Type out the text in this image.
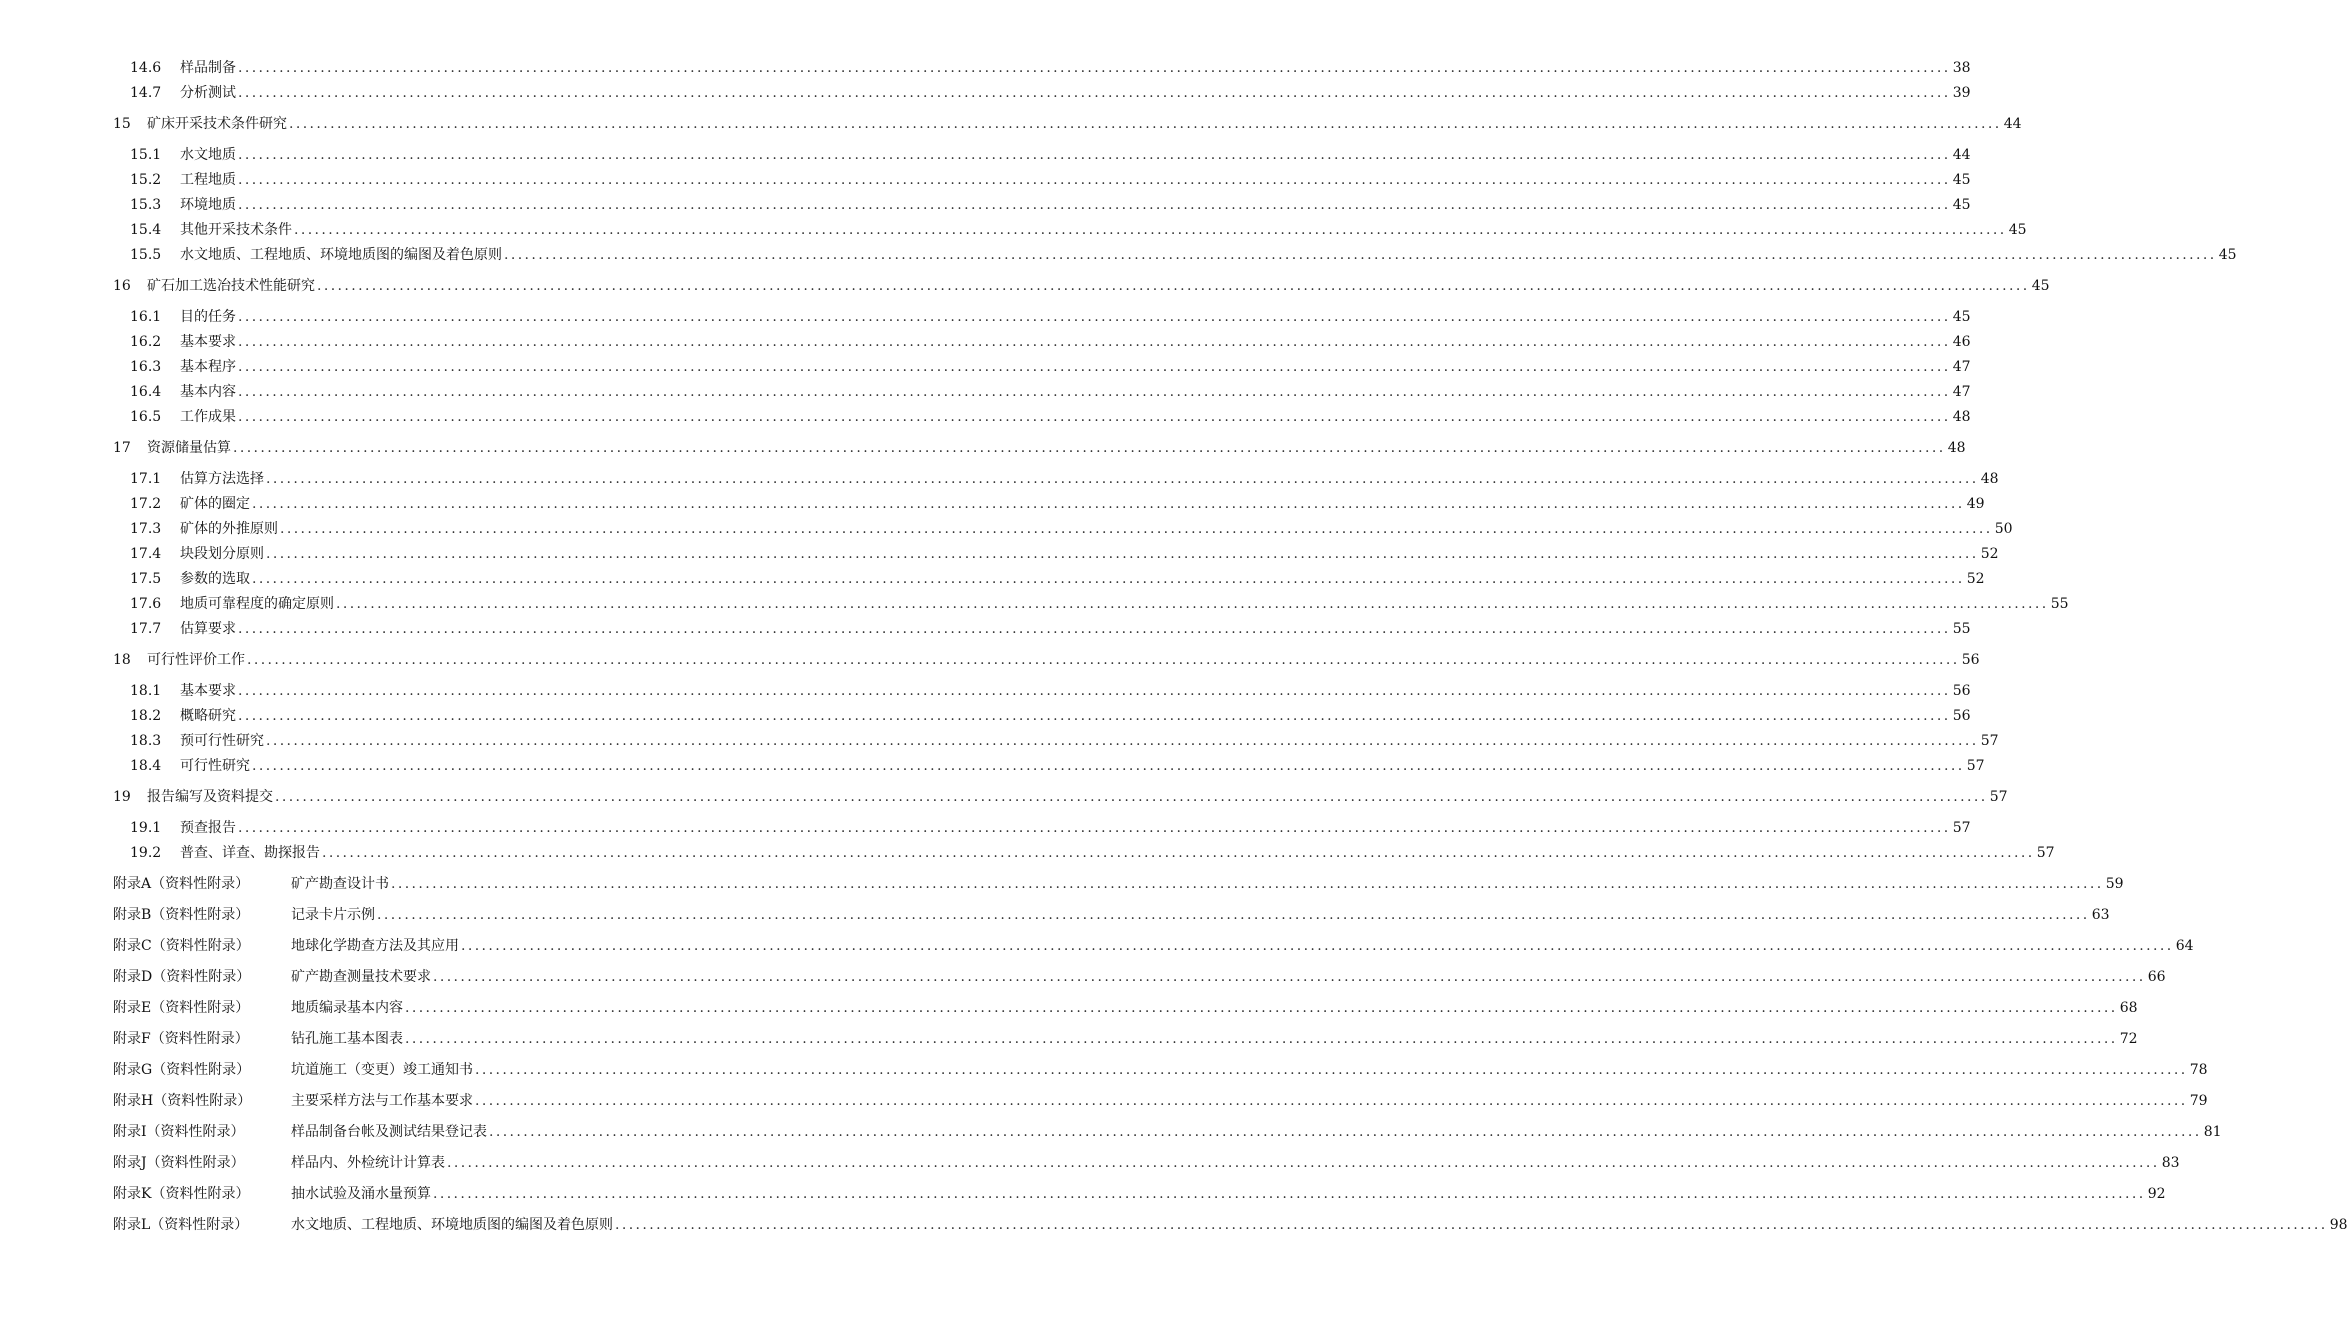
14.6	样品制备 .......................................................................................................................................................................................................................................................... 38
14.7	分析测试 .......................................................................................................................................................................................................................................................... 39
15	矿床开采技术条件研究 .......................................................................................................................................................................................................................................................... 44
15.1	水文地质 .......................................................................................................................................................................................................................................................... 44
15.2	工程地质 .......................................................................................................................................................................................................................................................... 45
15.3	环境地质 .......................................................................................................................................................................................................................................................... 45
15.4	其他开采技术条件 .......................................................................................................................................................................................................................................................... 45
15.5	水文地质、工程地质、环境地质图的编图及着色原则 .......................................................................................................................................................................................................................................................... 45
16	矿石加工选冶技术性能研究 .......................................................................................................................................................................................................................................................... 45
16.1	目的任务 .......................................................................................................................................................................................................................................................... 45
16.2	基本要求 .......................................................................................................................................................................................................................................................... 46
16.3	基本程序 .......................................................................................................................................................................................................................................................... 47
16.4	基本内容 .......................................................................................................................................................................................................................................................... 47
16.5	工作成果 .......................................................................................................................................................................................................................................................... 48
17	资源储量估算 .......................................................................................................................................................................................................................................................... 48
17.1	估算方法选择 .......................................................................................................................................................................................................................................................... 48
17.2	矿体的圈定 .......................................................................................................................................................................................................................................................... 49
17.3	矿体的外推原则 .......................................................................................................................................................................................................................................................... 50
17.4	块段划分原则 .......................................................................................................................................................................................................................................................... 52
17.5	参数的选取 .......................................................................................................................................................................................................................................................... 52
17.6	地质可靠程度的确定原则 .......................................................................................................................................................................................................................................................... 55
17.7	估算要求 .......................................................................................................................................................................................................................................................... 55
18	可行性评价工作 .......................................................................................................................................................................................................................................................... 56
18.1	基本要求 .......................................................................................................................................................................................................................................................... 56
18.2	概略研究 .......................................................................................................................................................................................................................................................... 56
18.3	预可行性研究 .......................................................................................................................................................................................................................................................... 57
18.4	可行性研究 .......................................................................................................................................................................................................................................................... 57
19	报告编写及资料提交 .......................................................................................................................................................................................................................................................... 57
19.1	预查报告 .......................................................................................................................................................................................................................................................... 57
19.2	普查、详查、勘探报告 .......................................................................................................................................................................................................................................................... 57
附录A（资料性附录）	矿产勘查设计书 .......................................................................................................................................................................................................................................................... 59
附录B（资料性附录）	记录卡片示例 .......................................................................................................................................................................................................................................................... 63
附录C（资料性附录）	地球化学勘查方法及其应用 .......................................................................................................................................................................................................................................................... 64
附录D（资料性附录）	矿产勘查测量技术要求 .......................................................................................................................................................................................................................................................... 66
附录E（资料性附录）	地质编录基本内容 .......................................................................................................................................................................................................................................................... 68
附录F（资料性附录）	钻孔施工基本图表 .......................................................................................................................................................................................................................................................... 72
附录G（资料性附录）	坑道施工（变更）竣工通知书 .......................................................................................................................................................................................................................................................... 78
附录H（资料性附录）	主要采样方法与工作基本要求 .......................................................................................................................................................................................................................................................... 79
附录I（资料性附录）	样品制备台帐及测试结果登记表 .......................................................................................................................................................................................................................................................... 81
附录J（资料性附录）	样品内、外检统计计算表 .......................................................................................................................................................................................................................................................... 83
附录K（资料性附录）	抽水试验及涌水量预算 .......................................................................................................................................................................................................................................................... 92
附录L（资料性附录）	水文地质、工程地质、环境地质图的编图及着色原则 .......................................................................................................................................................................................................................................................... 98
